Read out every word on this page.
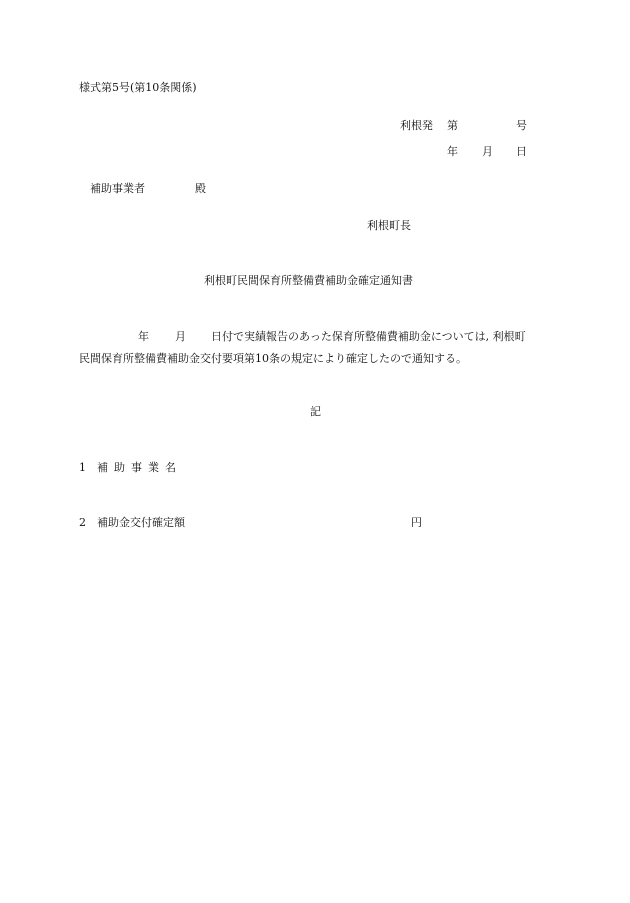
様式第5号(第10条関係)
利根発 第	号
年 月 日
補助事業者	殿
利根町長
利根町民間保育所整備費補助金確定通知書
年 月 日付で実績報告のあった保育所整備費補助金については, 利根町
民間保育所整備費補助金交付要項第10条の規定により確定したので通知する。
記
1 補助事業名
2 補助金交付確定額	円
